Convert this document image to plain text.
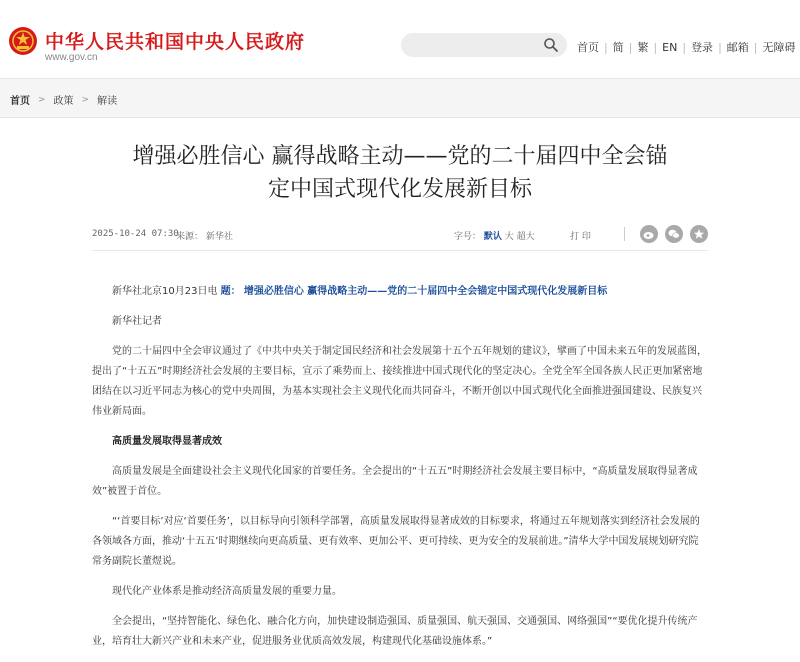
中华人民共和国中央人民政府
www.gov.cn
首页 | 简 | 繁 | EN | 登录 | 邮箱 | 无障碍
首页 > 政策 > 解读
增强必胜信心 赢得战略主动——党的二十届四中全会锚
定中国式现代化发展新目标
2025-10-24 07:30
来源： 新华社	字号： 默认 大 超大	打 印

新华社北京10月23日电 题： 增强必胜信心 赢得战略主动——党的二十届四中全会锚定中国式现代化发展新目标

新华社记者

党的二十届四中全会审议通过了《中共中央关于制定国民经济和社会发展第十五个五年规划的建议》，擘画了中国未来五年的发展蓝图，提出了“十五五”时期经济社会发展的主要目标，宣示了乘势而上、接续推进中国式现代化的坚定决心。全党全军全国各族人民正更加紧密地团结在以习近平同志为核心的党中央周围，为基本实现社会主义现代化而共同奋斗，不断开创以中国式现代化全面推进强国建设、民族复兴伟业新局面。

高质量发展取得显著成效

高质量发展是全面建设社会主义现代化国家的首要任务。全会提出的“十五五”时期经济社会发展主要目标中，“高质量发展取得显著成效”被置于首位。

“‘首要目标’对应‘首要任务’，以目标导向引领科学部署，高质量发展取得显著成效的目标要求，将通过五年规划落实到经济社会发展的各领域各方面，推动‘十五五’时期继续向更高质量、更有效率、更加公平、更可持续、更为安全的发展前进。”清华大学中国发展规划研究院常务副院长董煜说。

现代化产业体系是推动经济高质量发展的重要力量。

全会提出，“坚持智能化、绿色化、融合化方向，加快建设制造强国、质量强国、航天强国、交通强国、网络强国”“要优化提升传统产业，培育壮大新兴产业和未来产业，促进服务业优质高效发展，构建现代化基础设施体系。”
